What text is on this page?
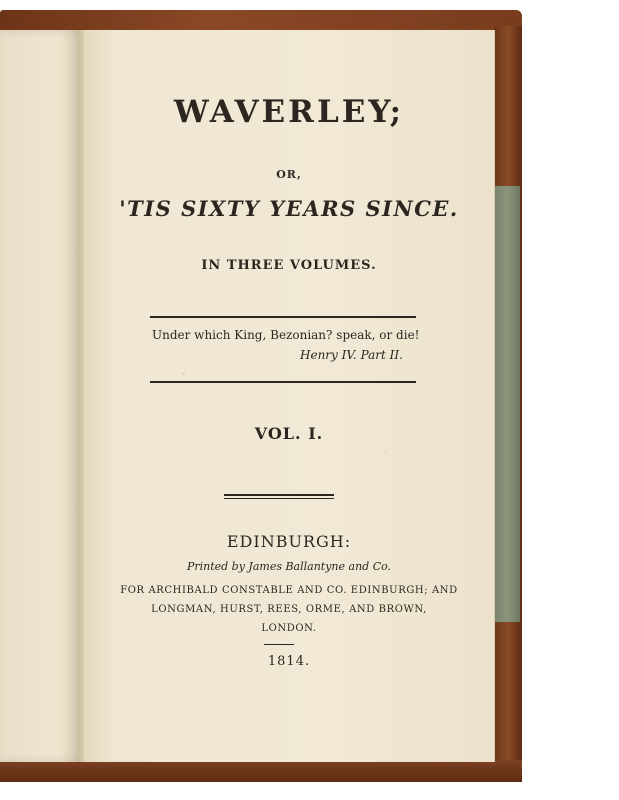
WAVERLEY;
OR,
'TIS SIXTY YEARS SINCE.
IN THREE VOLUMES.
Under which King, Bezonian? speak, or die!
Henry IV. Part II.
VOL. I.
EDINBURGH:
Printed by James Ballantyne and Co.
FOR ARCHIBALD CONSTABLE AND CO. EDINBURGH; AND
LONGMAN, HURST, REES, ORME, AND BROWN,
LONDON.
1814.
